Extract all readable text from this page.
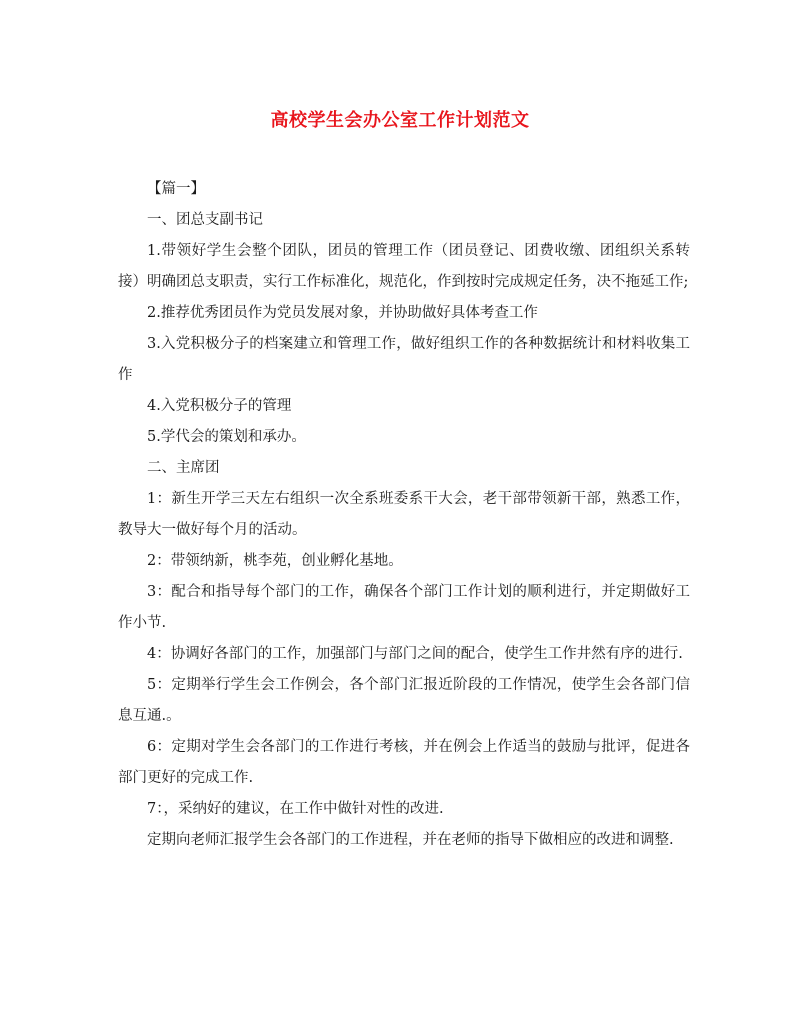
高校学生会办公室工作计划范文

【篇一】

一、团总支副书记

1.带领好学生会整个团队，团员的管理工作（团员登记、团费收缴、团组织关系转接）明确团总支职责，实行工作标准化，规范化，作到按时完成规定任务，决不拖延工作;

2.推荐优秀团员作为党员发展对象，并协助做好具体考查工作

3.入党积极分子的档案建立和管理工作，做好组织工作的各种数据统计和材料收集工作

4.入党积极分子的管理

5.学代会的策划和承办。

二、主席团

1：新生开学三天左右组织一次全系班委系干大会，老干部带领新干部，熟悉工作，教导大一做好每个月的活动。

2：带领纳新，桃李苑，创业孵化基地。

3：配合和指导每个部门的工作，确保各个部门工作计划的顺利进行，并定期做好工作小节.

4：协调好各部门的工作，加强部门与部门之间的配合，使学生工作井然有序的进行.

5：定期举行学生会工作例会，各个部门汇报近阶段的工作情况，使学生会各部门信息互通.。

6：定期对学生会各部门的工作进行考核，并在例会上作适当的鼓励与批评，促进各部门更好的完成工作.

7：，采纳好的建议，在工作中做针对性的改进.

定期向老师汇报学生会各部门的工作进程，并在老师的指导下做相应的改进和调整.
